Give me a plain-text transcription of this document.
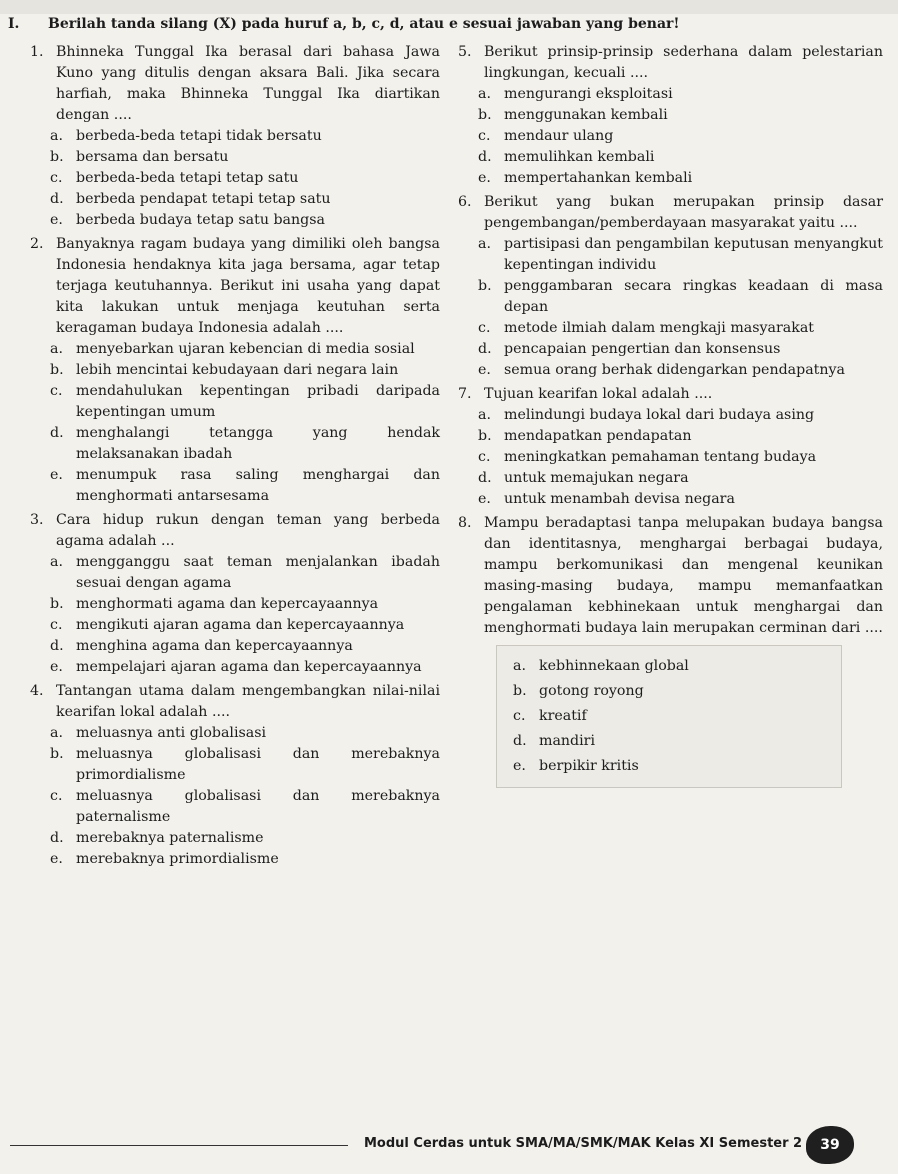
I. Berilah tanda silang (X) pada huruf a, b, c, d, atau e sesuai jawaban yang benar!
1. Bhinneka Tunggal Ika berasal dari bahasa Jawa Kuno yang ditulis dengan aksara Bali. Jika secara harfiah, maka Bhinneka Tunggal Ika diartikan dengan ....
a. berbeda-beda tetapi tidak bersatu
b. bersama dan bersatu
c. berbeda-beda tetapi tetap satu
d. berbeda pendapat tetapi tetap satu
e. berbeda budaya tetap satu bangsa
2. Banyaknya ragam budaya yang dimiliki oleh bangsa Indonesia hendaknya kita jaga bersama, agar tetap terjaga keutuhannya. Berikut ini usaha yang dapat kita lakukan untuk menjaga keutuhan serta keragaman budaya Indonesia adalah ....
a. menyebarkan ujaran kebencian di media sosial
b. lebih mencintai kebudayaan dari negara lain
c. mendahulukan kepentingan pribadi daripada kepentingan umum
d. menghalangi tetangga yang hendak melaksanakan ibadah
e. menumpuk rasa saling menghargai dan menghormati antarsesama
3. Cara hidup rukun dengan teman yang berbeda agama adalah ...
a. mengganggu saat teman menjalankan ibadah sesuai dengan agama
b. menghormati agama dan kepercayaannya
c. mengikuti ajaran agama dan kepercayaannya
d. menghina agama dan kepercayaannya
e. mempelajari ajaran agama dan kepercayaannya
4. Tantangan utama dalam mengembangkan nilai-nilai kearifan lokal adalah ....
a. meluasnya anti globalisasi
b. meluasnya globalisasi dan merebaknya primordialisme
c. meluasnya globalisasi dan merebaknya paternalisme
d. merebaknya paternalisme
e. merebaknya primordialisme
5. Berikut prinsip-prinsip sederhana dalam pelestarian lingkungan, kecuali ....
a. mengurangi eksploitasi
b. menggunakan kembali
c. mendaur ulang
d. memulihkan kembali
e. mempertahankan kembali
6. Berikut yang bukan merupakan prinsip dasar pengembangan/pemberdayaan masyarakat yaitu ....
a. partisipasi dan pengambilan keputusan menyangkut kepentingan individu
b. penggambaran secara ringkas keadaan di masa depan
c. metode ilmiah dalam mengkaji masyarakat
d. pencapaian pengertian dan konsensus
e. semua orang berhak didengarkan pendapatnya
7. Tujuan kearifan lokal adalah ....
a. melindungi budaya lokal dari budaya asing
b. mendapatkan pendapatan
c. meningkatkan pemahaman tentang budaya
d. untuk memajukan negara
e. untuk menambah devisa negara
8. Mampu beradaptasi tanpa melupakan budaya bangsa dan identitasnya, menghargai berbagai budaya, mampu berkomunikasi dan mengenal keunikan masing-masing budaya, mampu memanfaatkan pengalaman kebhinekaan untuk menghargai dan menghormati budaya lain merupakan cerminan dari ....
a. kebhinnekaan global
b. gotong royong
c. kreatif
d. mandiri
e. berpikir kritis
Modul Cerdas untuk SMA/MA/SMK/MAK Kelas XI Semester 2	39
